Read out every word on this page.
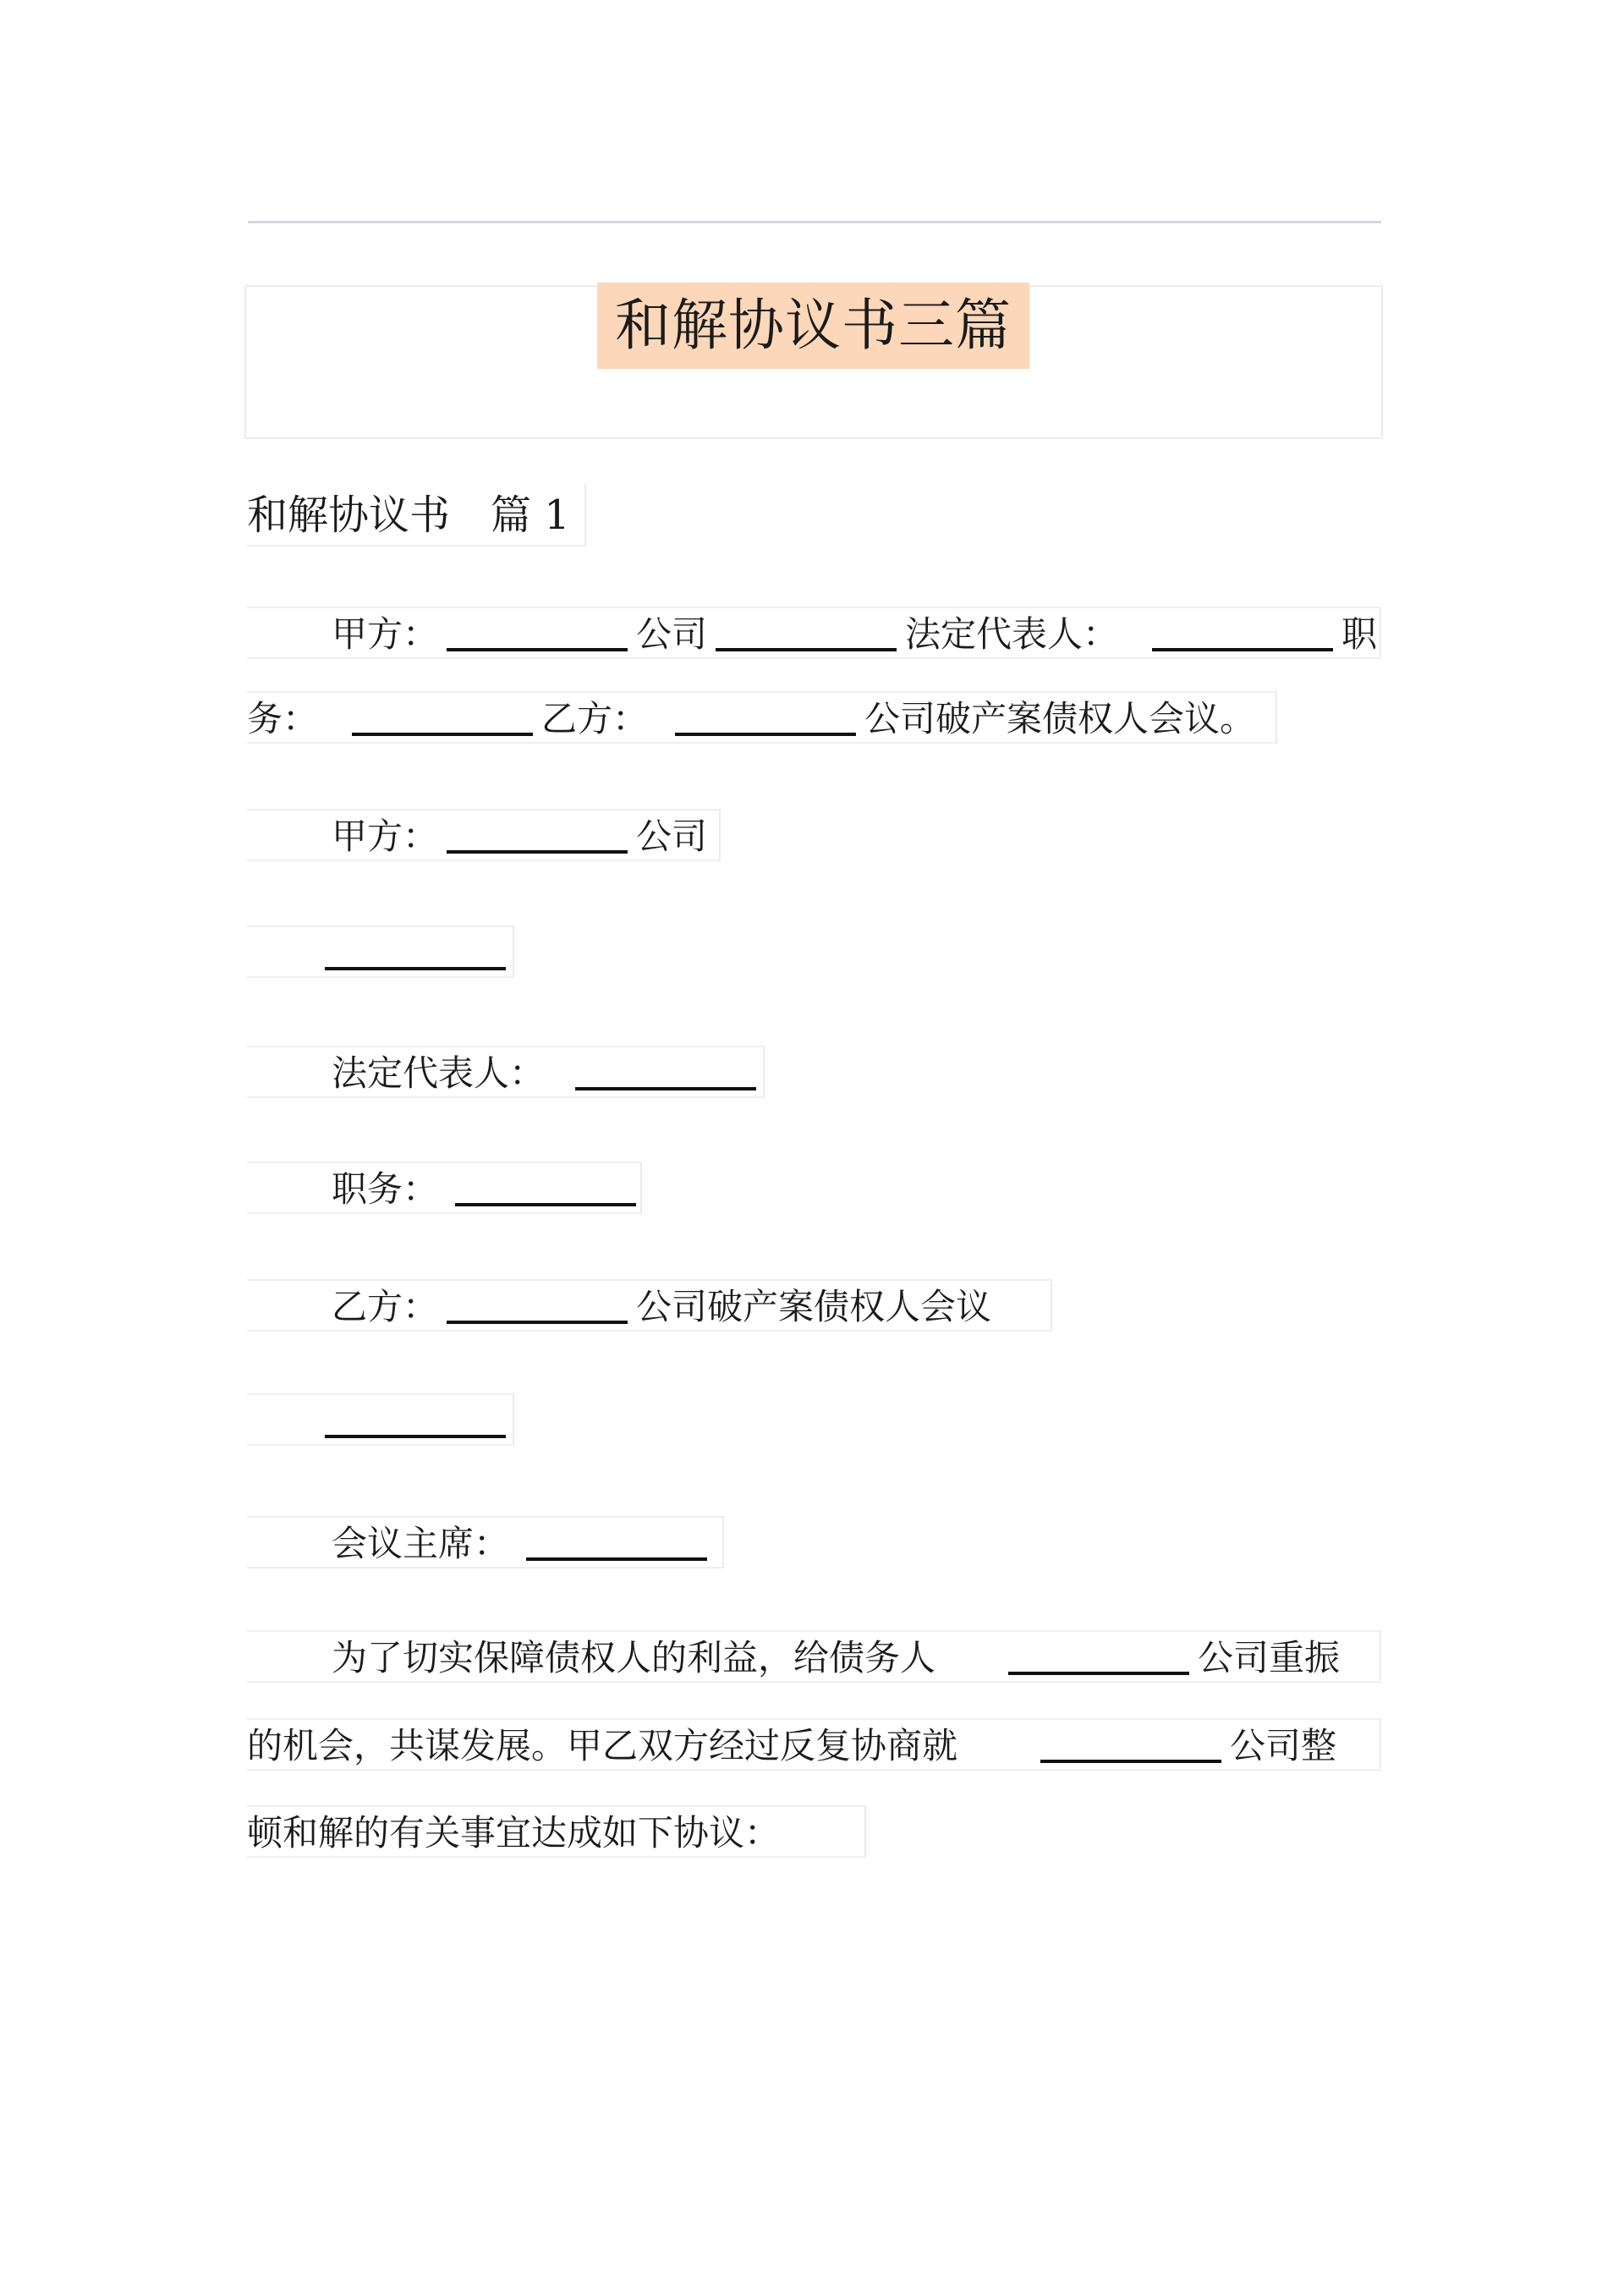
和解协议书三篇
和解协议书 篇 1
甲方：	公司	法定代表人：	职
务：	乙方：	公司破产案债权人会议。
甲方：	公司
法定代表人：
职务：
乙方：	公司破产案债权人会议
会议主席：
为了切实保障债权人的利益，给债务人	公司重振
的机会，共谋发展。甲乙双方经过反复协商就	公司整
顿和解的有关事宜达成如下协议：
